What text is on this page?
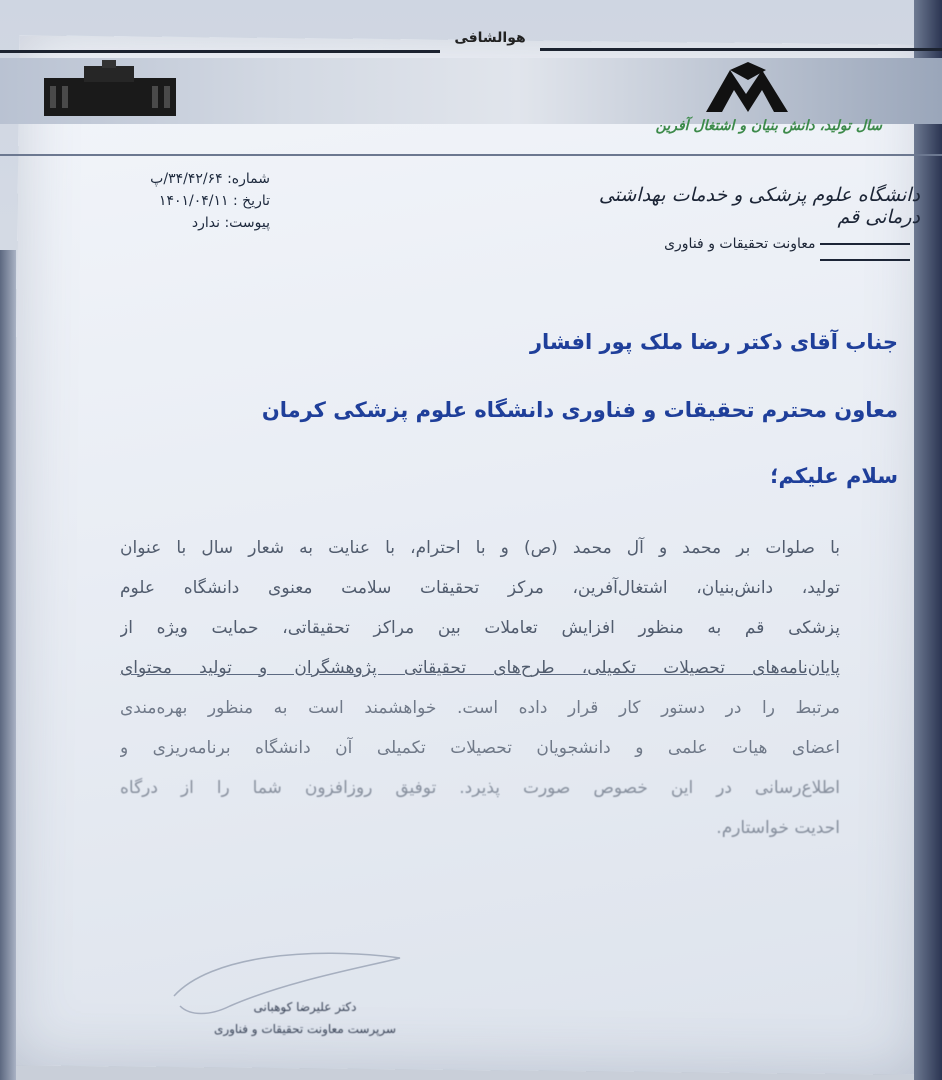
هوالشافی
سال تولید، دانش بنیان و اشتغال آفرین
شماره: ۳۴/۴۲/۶۴/پ
تاریخ : ۱۴۰۱/۰۴/۱۱
پیوست: ندارد
دانشگاه علوم پزشکی و خدمات بهداشتی درمانی قم
معاونت تحقیقات و فناوری
جناب آقای دکتر رضا ملک پور افشار
معاون محترم تحقیقات و فناوری دانشگاه علوم پزشکی کرمان
سلام علیکم؛
با صلوات بر محمد و آل محمد (ص) و با احترام، با عنایت به شعار سال با عنوان
تولید، دانش‌بنیان، اشتغال‌آفرین، مرکز تحقیقات سلامت معنوی دانشگاه علوم
پزشکی قم به منظور افزایش تعاملات بین مراکز تحقیقاتی، حمایت ویژه از
پایان‌نامه‌های تحصیلات تکمیلی، طرح‌های تحقیقاتی پژوهشگران و تولید محتوای
مرتبط را در دستور کار قرار داده است. خواهشمند است به منظور بهره‌مندی
اعضای هیات علمی و دانشجویان تحصیلات تکمیلی آن دانشگاه برنامه‌ریزی و
اطلاع‌رسانی در این خصوص صورت پذیرد. توفیق روزافزون شما را از درگاه
احدیت خواستارم.
دکتر علیرضا کوهبانی
سرپرست معاونت تحقیقات و فناوری
